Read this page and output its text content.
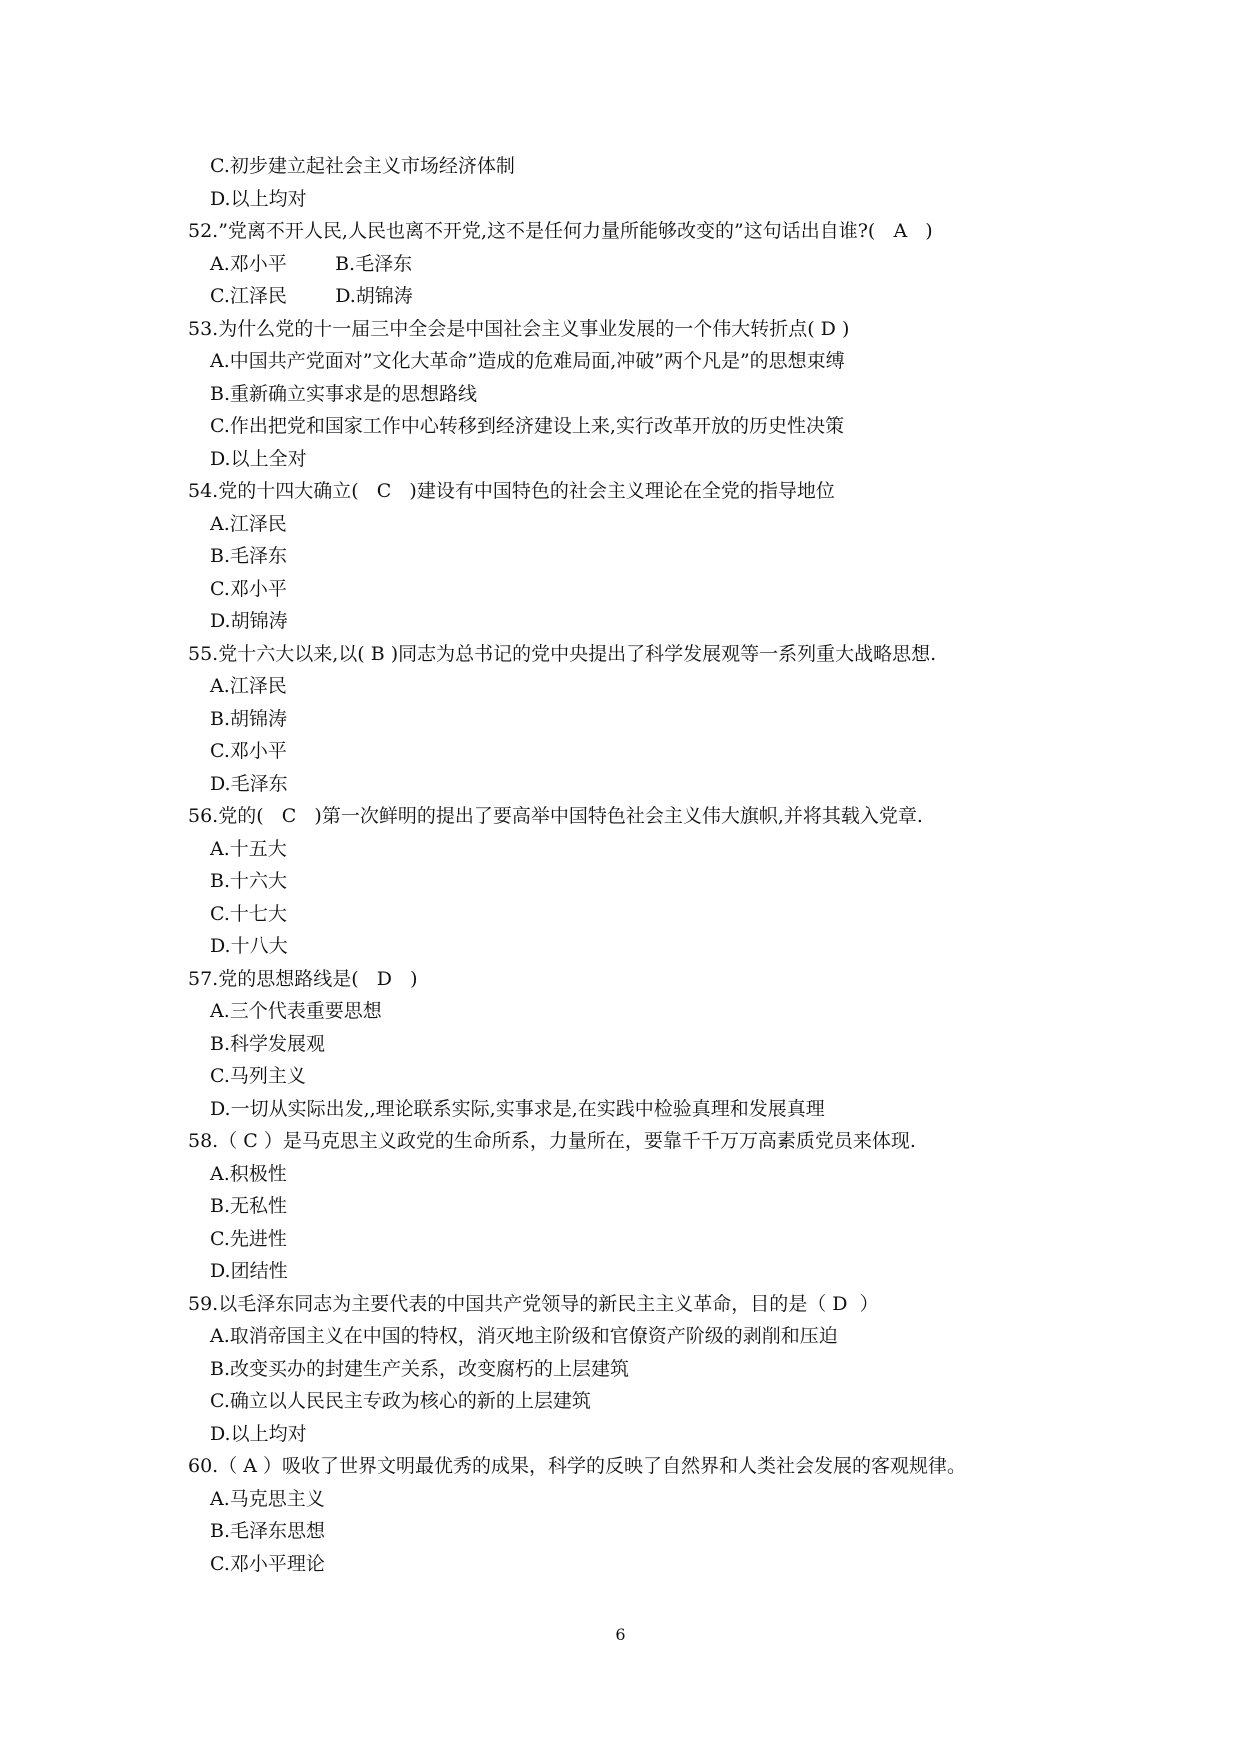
C.初步建立起社会主义市场经济体制
D.以上均对
52.”党离不开人民,人民也离不开党,这不是任何力量所能够改变的”这句话出自谁?(   A   )
A.邓小平        B.毛泽东
C.江泽民        D.胡锦涛
53.为什么党的十一届三中全会是中国社会主义事业发展的一个伟大转折点( D )
A.中国共产党面对”文化大革命”造成的危难局面,冲破”两个凡是”的思想束缚
B.重新确立实事求是的思想路线
C.作出把党和国家工作中心转移到经济建设上来,实行改革开放的历史性决策
D.以上全对
54.党的十四大确立(   C   )建设有中国特色的社会主义理论在全党的指导地位
A.江泽民
B.毛泽东
C.邓小平
D.胡锦涛
55.党十六大以来,以( B )同志为总书记的党中央提出了科学发展观等一系列重大战略思想.
A.江泽民
B.胡锦涛
C.邓小平
D.毛泽东
56.党的(   C   )第一次鲜明的提出了要高举中国特色社会主义伟大旗帜,并将其载入党章.
A.十五大
B.十六大
C.十七大
D.十八大
57.党的思想路线是(   D   )
A.三个代表重要思想
B.科学发展观
C.马列主义
D.一切从实际出发,,理论联系实际,实事求是,在实践中检验真理和发展真理
58.（ C ）是马克思主义政党的生命所系，力量所在，要靠千千万万高素质党员来体现.
A.积极性
B.无私性
C.先进性
D.团结性
59.以毛泽东同志为主要代表的中国共产党领导的新民主主义革命，目的是（ D  ）
A.取消帝国主义在中国的特权，消灭地主阶级和官僚资产阶级的剥削和压迫
B.改变买办的封建生产关系，改变腐朽的上层建筑
C.确立以人民民主专政为核心的新的上层建筑
D.以上均对
60.（ A ）吸收了世界文明最优秀的成果，科学的反映了自然界和人类社会发展的客观规律。
A.马克思主义
B.毛泽东思想
C.邓小平理论
6
